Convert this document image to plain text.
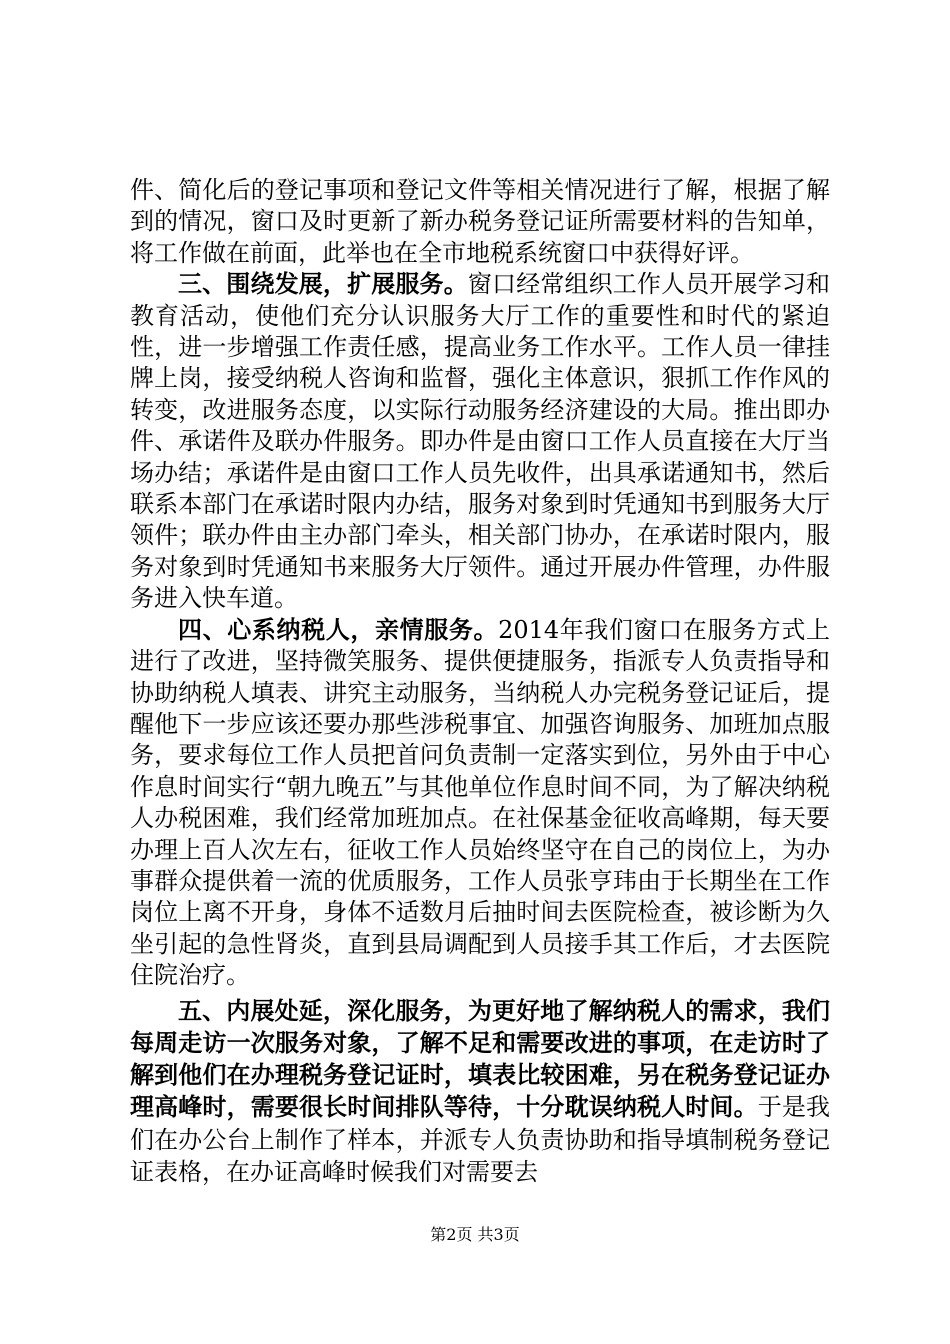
件、简化后的登记事项和登记文件等相关情况进行了解，根据了解到的情况，窗口及时更新了新办税务登记证所需要材料的告知单，将工作做在前面，此举也在全市地税系统窗口中获得好评。

三、围绕发展，扩展服务。窗口经常组织工作人员开展学习和教育活动，使他们充分认识服务大厅工作的重要性和时代的紧迫性，进一步增强工作责任感，提高业务工作水平。工作人员一律挂牌上岗，接受纳税人咨询和监督，强化主体意识，狠抓工作作风的转变，改进服务态度，以实际行动服务经济建设的大局。推出即办件、承诺件及联办件服务。即办件是由窗口工作人员直接在大厅当场办结；承诺件是由窗口工作人员先收件，出具承诺通知书，然后联系本部门在承诺时限内办结，服务对象到时凭通知书到服务大厅领件；联办件由主办部门牵头，相关部门协办，在承诺时限内，服务对象到时凭通知书来服务大厅领件。通过开展办件管理，办件服务进入快车道。

四、心系纳税人，亲情服务。2014年我们窗口在服务方式上进行了改进，坚持微笑服务、提供便捷服务，指派专人负责指导和协助纳税人填表、讲究主动服务，当纳税人办完税务登记证后，提醒他下一步应该还要办那些涉税事宜、加强咨询服务、加班加点服务，要求每位工作人员把首问负责制一定落实到位，另外由于中心作息时间实行“朝九晚五”与其他单位作息时间不同，为了解决纳税人办税困难，我们经常加班加点。在社保基金征收高峰期，每天要办理上百人次左右，征收工作人员始终坚守在自己的岗位上，为办事群众提供着一流的优质服务，工作人员张亨玮由于长期坐在工作岗位上离不开身，身体不适数月后抽时间去医院检查，被诊断为久坐引起的急性肾炎，直到县局调配到人员接手其工作后，才去医院住院治疗。

五、内展处延，深化服务，为更好地了解纳税人的需求，我们每周走访一次服务对象，了解不足和需要改进的事项，在走访时了解到他们在办理税务登记证时，填表比较困难，另在税务登记证办理高峰时，需要很长时间排队等待，十分耽误纳税人时间。于是我们在办公台上制作了样本，并派专人负责协助和指导填制税务登记证表格，在办证高峰时候我们对需要去

第2页 共3页
